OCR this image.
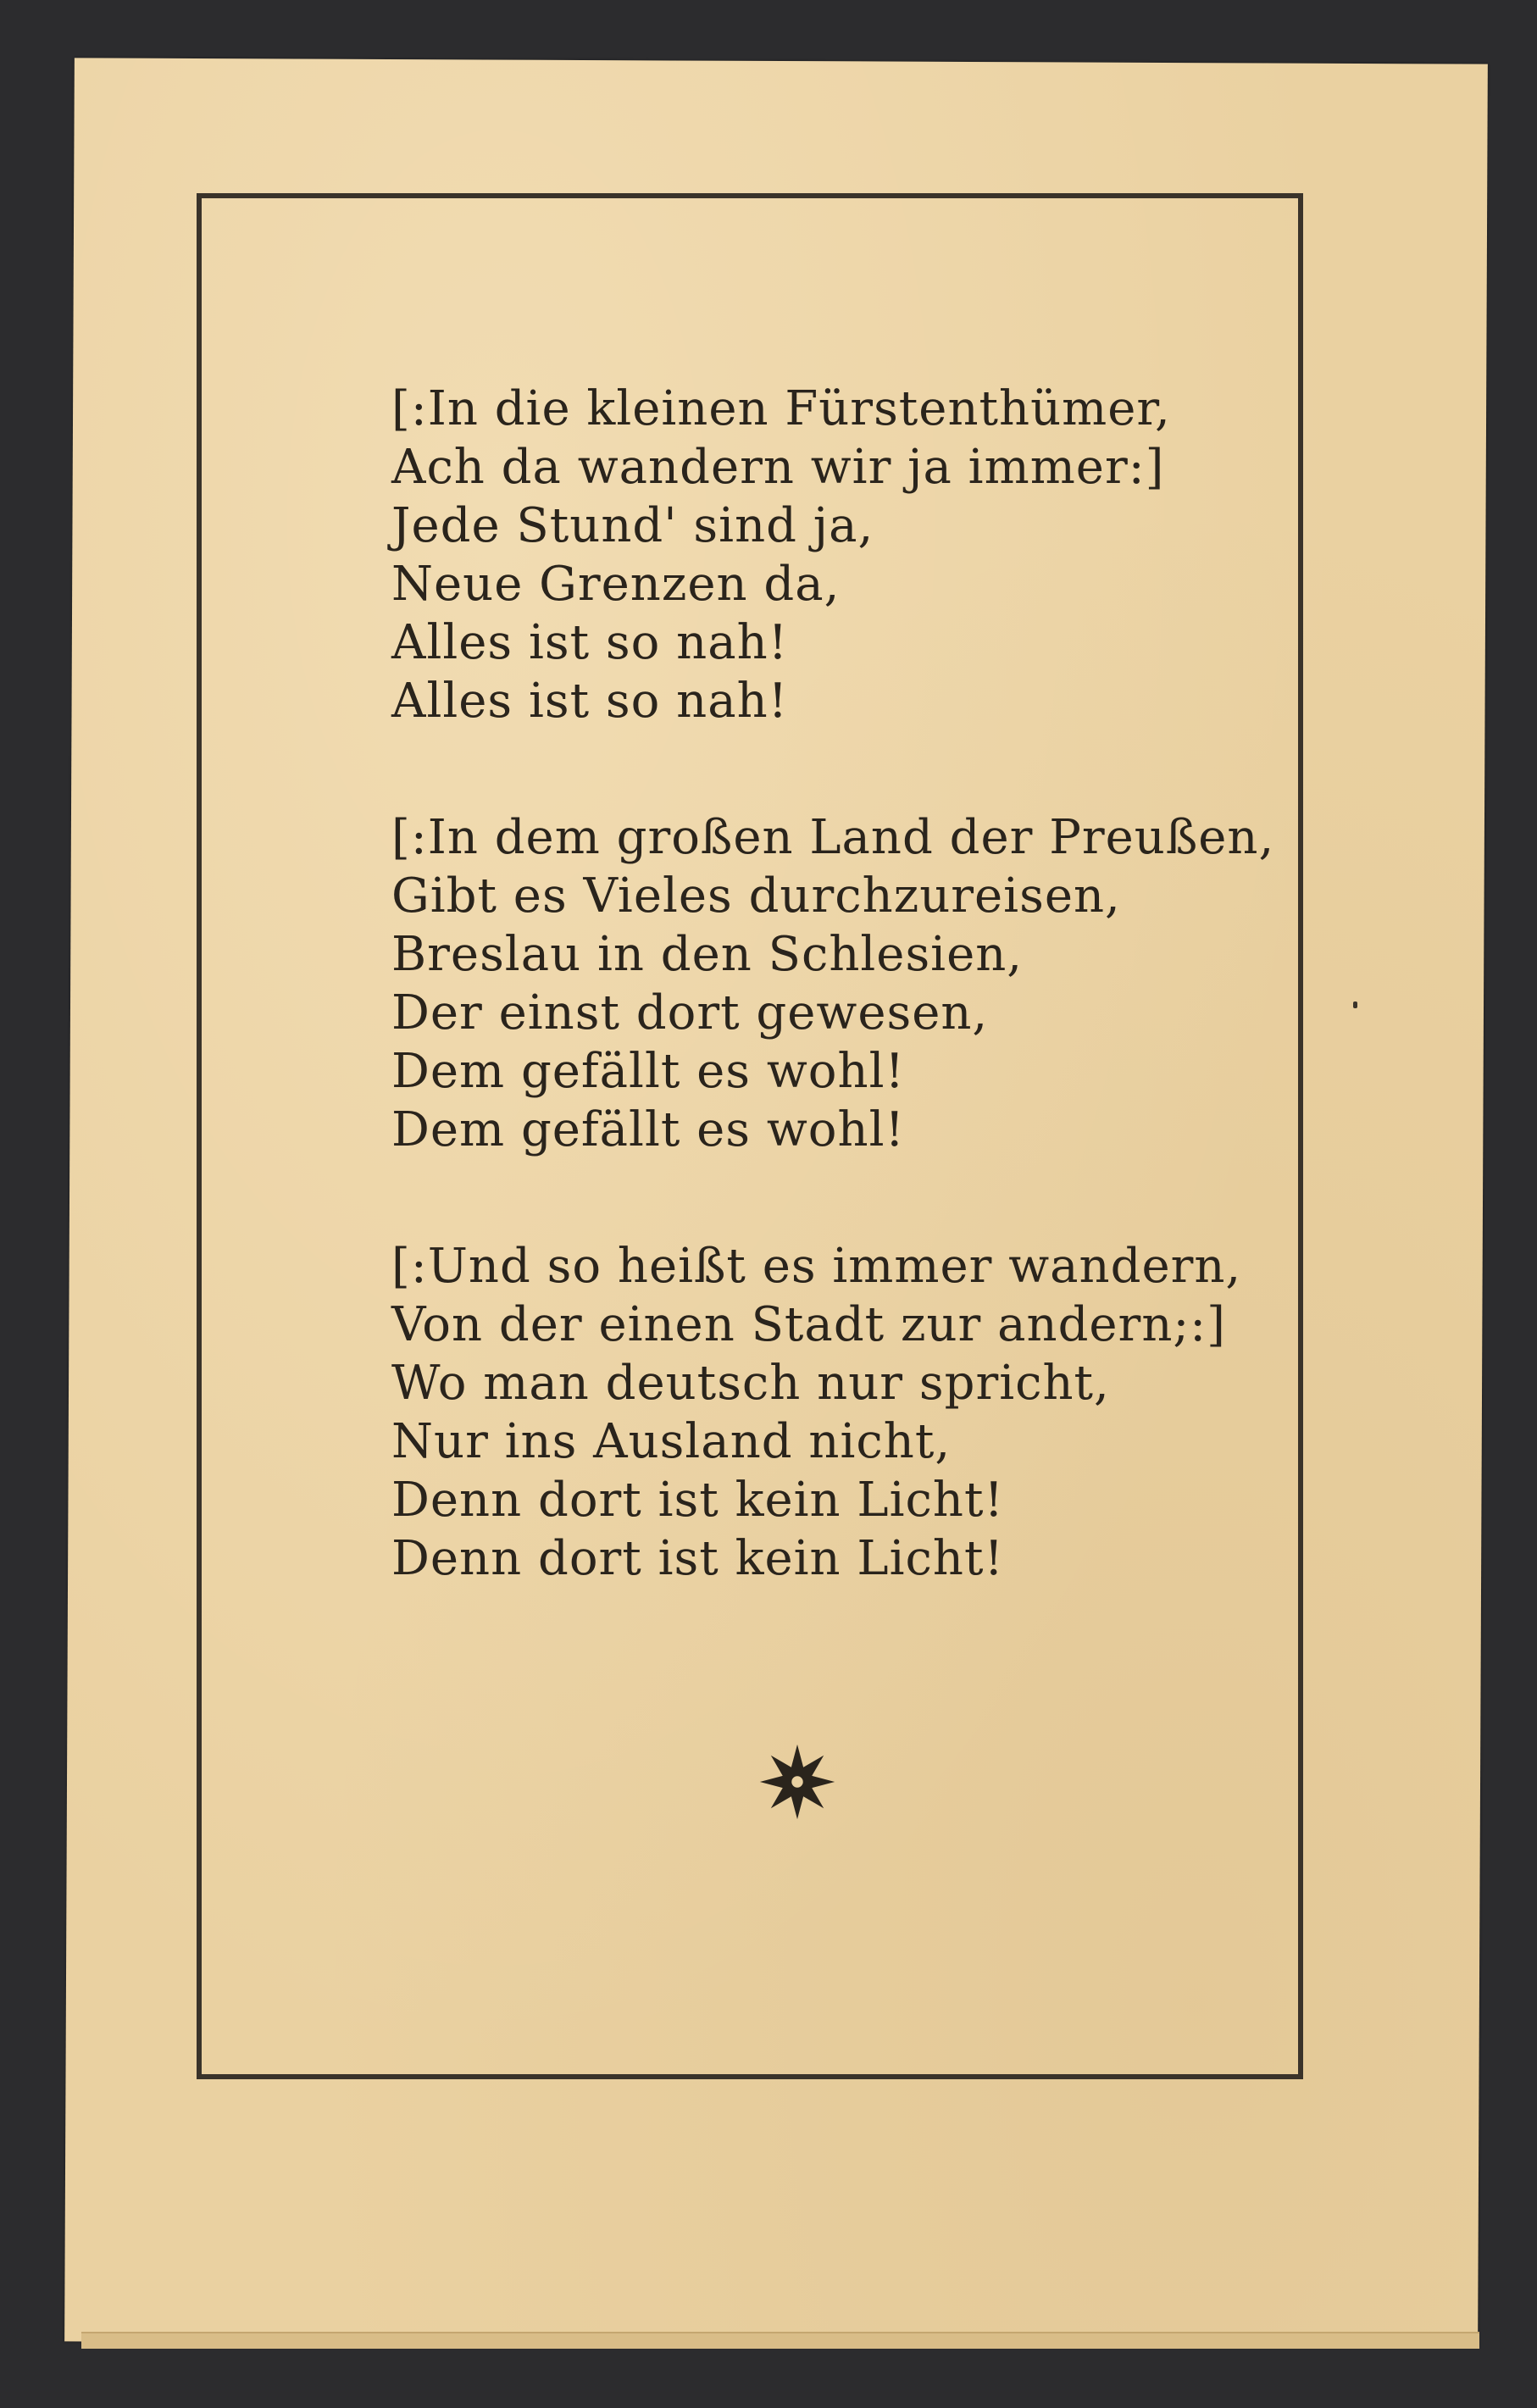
[:In die kleinen Fürstenthümer,
Ach da wandern wir ja immer:]
Jede Stund' sind ja,
Neue Grenzen da,
Alles ist so nah!
Alles ist so nah!
[:In dem großen Land der Preußen,
Gibt es Vieles durchzureisen,
Breslau in den Schlesien,
Der einst dort gewesen,
Dem gefällt es wohl!
Dem gefällt es wohl!
[:Und so heißt es immer wandern,
Von der einen Stadt zur andern;:]
Wo man deutsch nur spricht,
Nur ins Ausland nicht,
Denn dort ist kein Licht!
Denn dort ist kein Licht!
